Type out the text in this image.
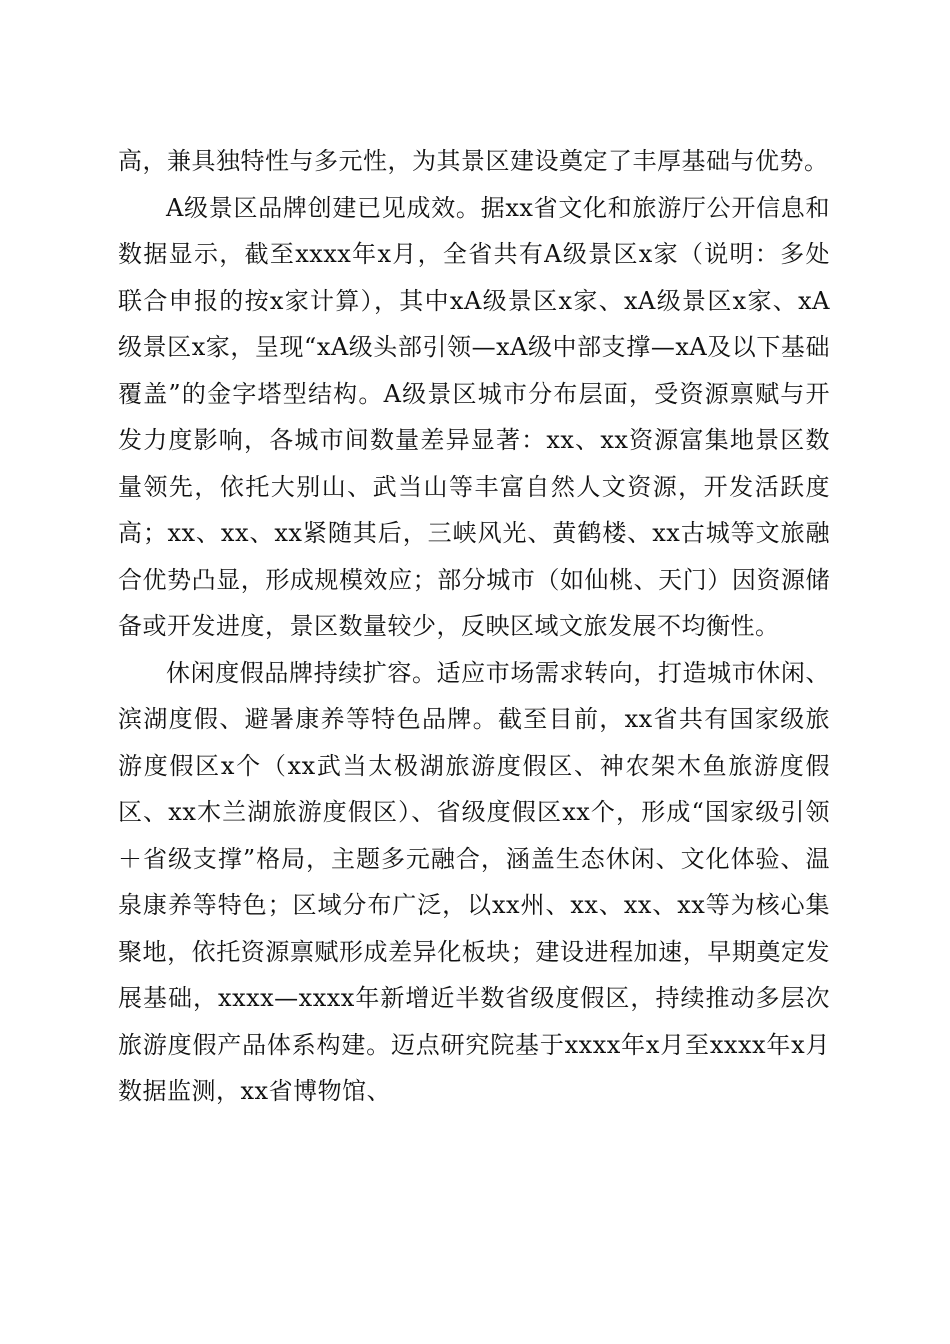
高，兼具独特性与多元性，为其景区建设奠定了丰厚基础与优势。

A级景区品牌创建已见成效。据xx省文化和旅游厅公开信息和数据显示，截至xxxx年x月，全省共有A级景区x家（说明：多处联合申报的按x家计算），其中xA级景区x家、xA级景区x家、xA级景区x家，呈现“xA级头部引领—xA级中部支撑—xA及以下基础覆盖”的金字塔型结构。A级景区城市分布层面，受资源禀赋与开发力度影响，各城市间数量差异显著：xx、xx资源富集地景区数量领先，依托大别山、武当山等丰富自然人文资源，开发活跃度高；xx、xx、xx紧随其后，三峡风光、黄鹤楼、xx古城等文旅融合优势凸显，形成规模效应；部分城市（如仙桃、天门）因资源储备或开发进度，景区数量较少，反映区域文旅发展不均衡性。

休闲度假品牌持续扩容。适应市场需求转向，打造城市休闲、滨湖度假、避暑康养等特色品牌。截至目前，xx省共有国家级旅游度假区x个（xx武当太极湖旅游度假区、神农架木鱼旅游度假区、xx木兰湖旅游度假区）、省级度假区xx个，形成“国家级引领＋省级支撑”格局，主题多元融合，涵盖生态休闲、文化体验、温泉康养等特色；区域分布广泛，以xx州、xx、xx、xx等为核心集聚地，依托资源禀赋形成差异化板块；建设进程加速，早期奠定发展基础，xxxx—xxxx年新增近半数省级度假区，持续推动多层次旅游度假产品体系构建。迈点研究院基于xxxx年x月至xxxx年x月数据监测，xx省博物馆、
